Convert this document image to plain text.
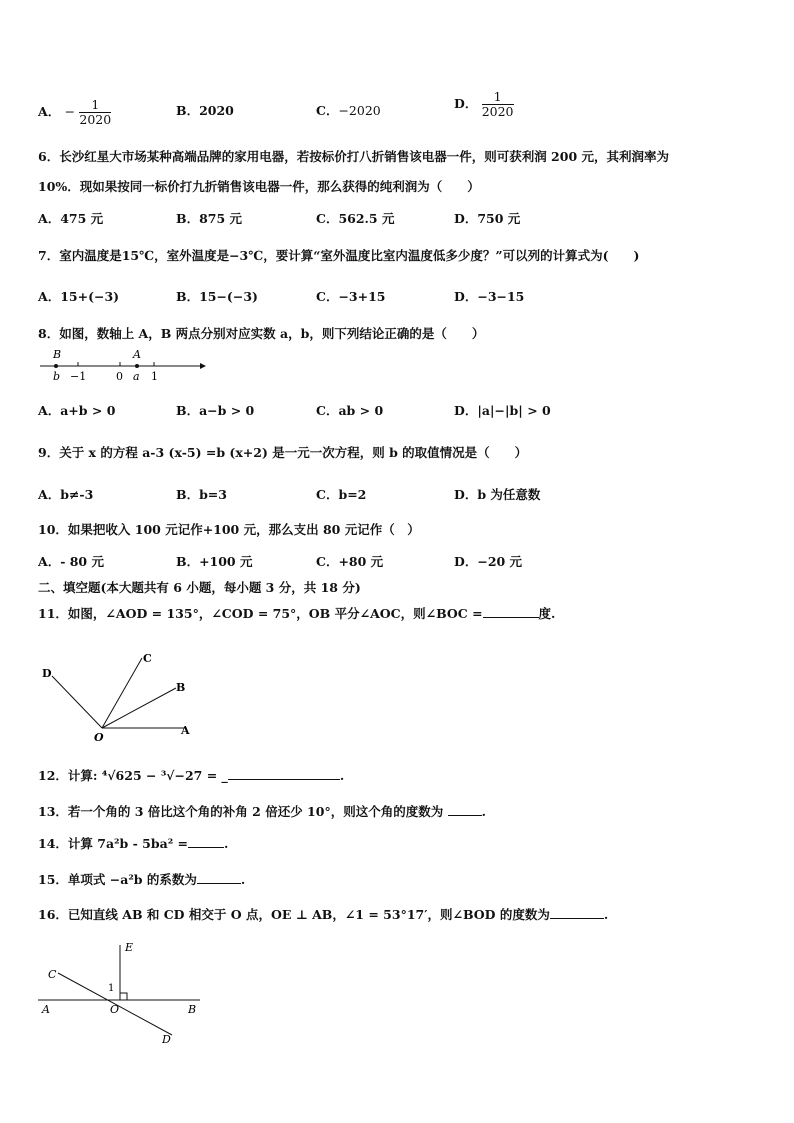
A． − $\frac{1}{2020}$	B．2020	C．−2020	D． $\frac{1}{2020}$
6．长沙红星大市场某种高端品牌的家用电器，若按标价打八折销售该电器一件，则可获利润 200 元，其利润率为
10%．现如果按同一标价打九折销售该电器一件，那么获得的纯利润为（　　）
A．475 元	B．875 元	C．562.5 元	D．750 元
7．室内温度是15℃，室外温度是−3℃，要计算“室外温度比室内温度低多少度？”可以列的计算式为(　　)
A．15+(−3)	B．15−(−3)	C．−3+15	D．−3−15
8．如图，数轴上 A，B 两点分别对应实数 a，b，则下列结论正确的是（　　）
B	A
b −1	0 a 1
A．a+b > 0	B．a−b > 0	C．ab > 0	D．|a|−|b| > 0
9．关于 x 的方程 a-3 (x-5) =b (x+2) 是一元一次方程，则 b 的取值情况是（　　）
A．b≠-3	B．b=3	C．b=2	D．b 为任意数
10．如果把收入 100 元记作+100 元，那么支出 80 元记作（　）
A．- 80 元	B．+100 元	C．+80 元	D．−20 元
二、填空题(本大题共有 6 小题，每小题 3 分，共 18 分)
11．如图，∠AOD = 135°，∠COD = 75°，OB 平分∠AOC，则∠BOC =	度.
D
C
B
O
A
12．计算: ⁴√625 − ³√−27 = _	.
13．若一个角的 3 倍比这个角的补角 2 倍还少 10°，则这个角的度数为	.
14．计算 7a²b - 5ba² =	.
15．单项式 −a²b 的系数为	.
16．已知直线 AB 和 CD 相交于 O 点，OE ⊥ AB，∠1 = 53°17′，则∠BOD 的度数为	.
E
C
1
A	O	B
D
